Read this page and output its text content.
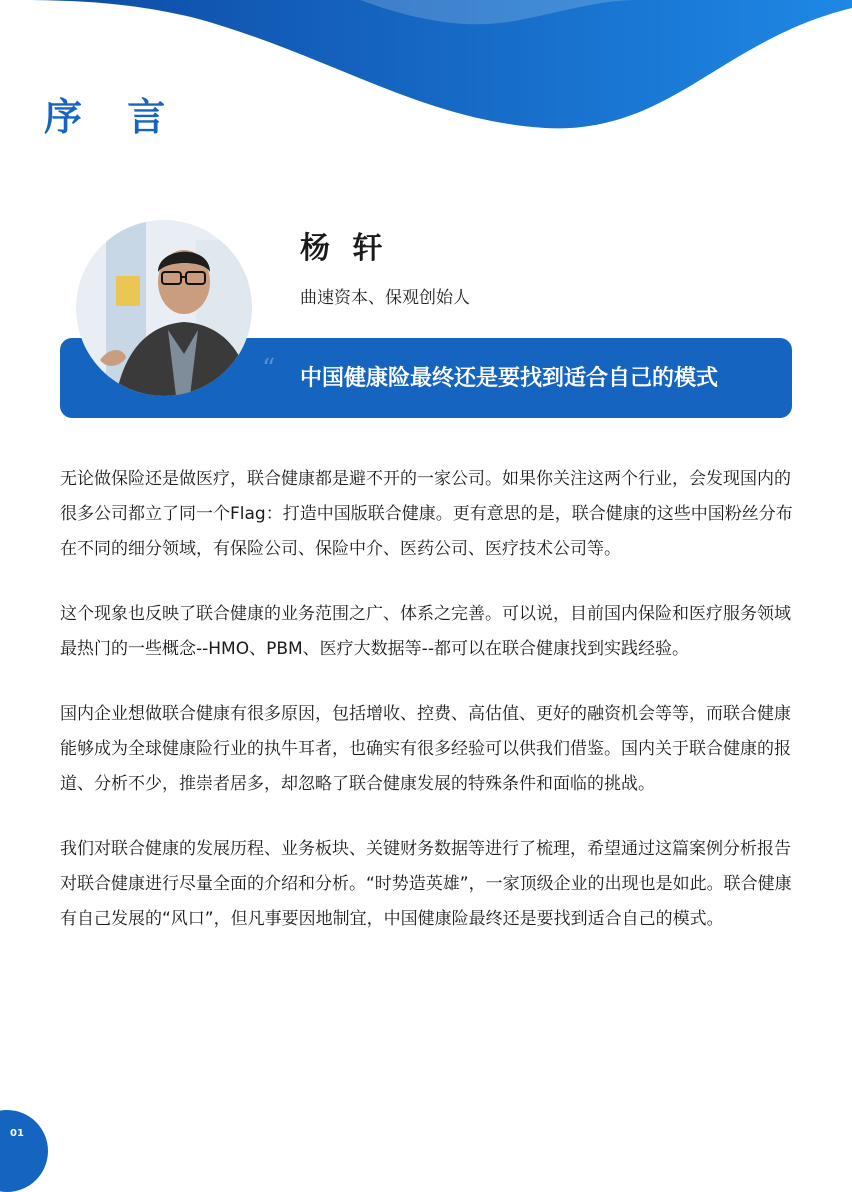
序 言
杨 轩
曲速资本、保观创始人
“ 中国健康险最终还是要找到适合自己的模式

无论做保险还是做医疗，联合健康都是避不开的一家公司。如果你关注这两个行业，会发现国内的很多公司都立了同一个Flag：打造中国版联合健康。更有意思的是，联合健康的这些中国粉丝分布在不同的细分领域，有保险公司、保险中介、医药公司、医疗技术公司等。

这个现象也反映了联合健康的业务范围之广、体系之完善。可以说，目前国内保险和医疗服务领域最热门的一些概念--HMO、PBM、医疗大数据等--都可以在联合健康找到实践经验。

国内企业想做联合健康有很多原因，包括增收、控费、高估值、更好的融资机会等等，而联合健康能够成为全球健康险行业的执牛耳者，也确实有很多经验可以供我们借鉴。国内关于联合健康的报道、分析不少，推崇者居多，却忽略了联合健康发展的特殊条件和面临的挑战。

我们对联合健康的发展历程、业务板块、关键财务数据等进行了梳理，希望通过这篇案例分析报告对联合健康进行尽量全面的介绍和分析。“时势造英雄”，一家顶级企业的出现也是如此。联合健康有自己发展的“风口”，但凡事要因地制宜，中国健康险最终还是要找到适合自己的模式。

01
